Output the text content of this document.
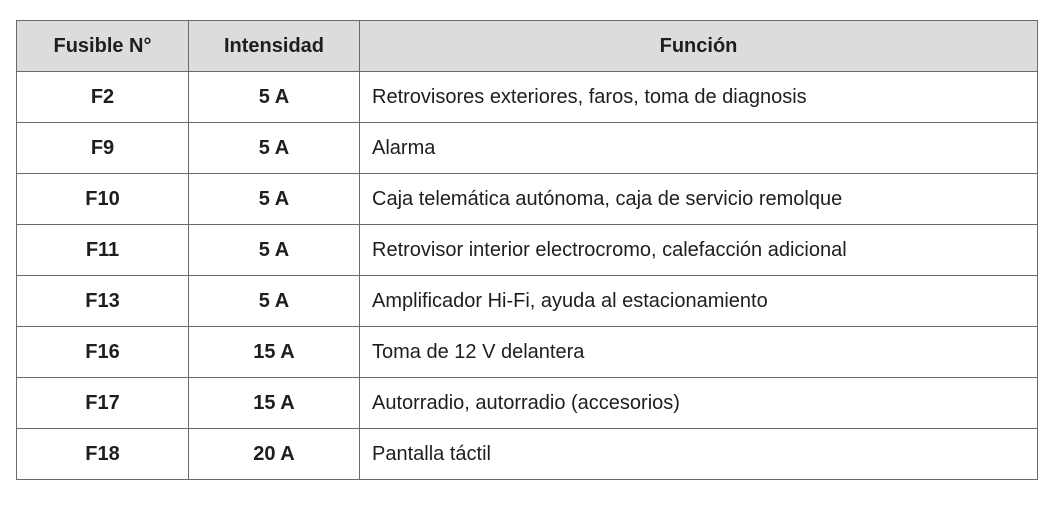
Fusible N°	Intensidad	Función
F2	5 A	Retrovisores exteriores, faros, toma de diagnosis
F9	5 A	Alarma
F10	5 A	Caja telemática autónoma, caja de servicio remolque
F11	5 A	Retrovisor interior electrocromo, calefacción adicional
F13	5 A	Amplificador Hi-Fi, ayuda al estacionamiento
F16	15 A	Toma de 12 V delantera
F17	15 A	Autorradio, autorradio (accesorios)
F18	20 A	Pantalla táctil
